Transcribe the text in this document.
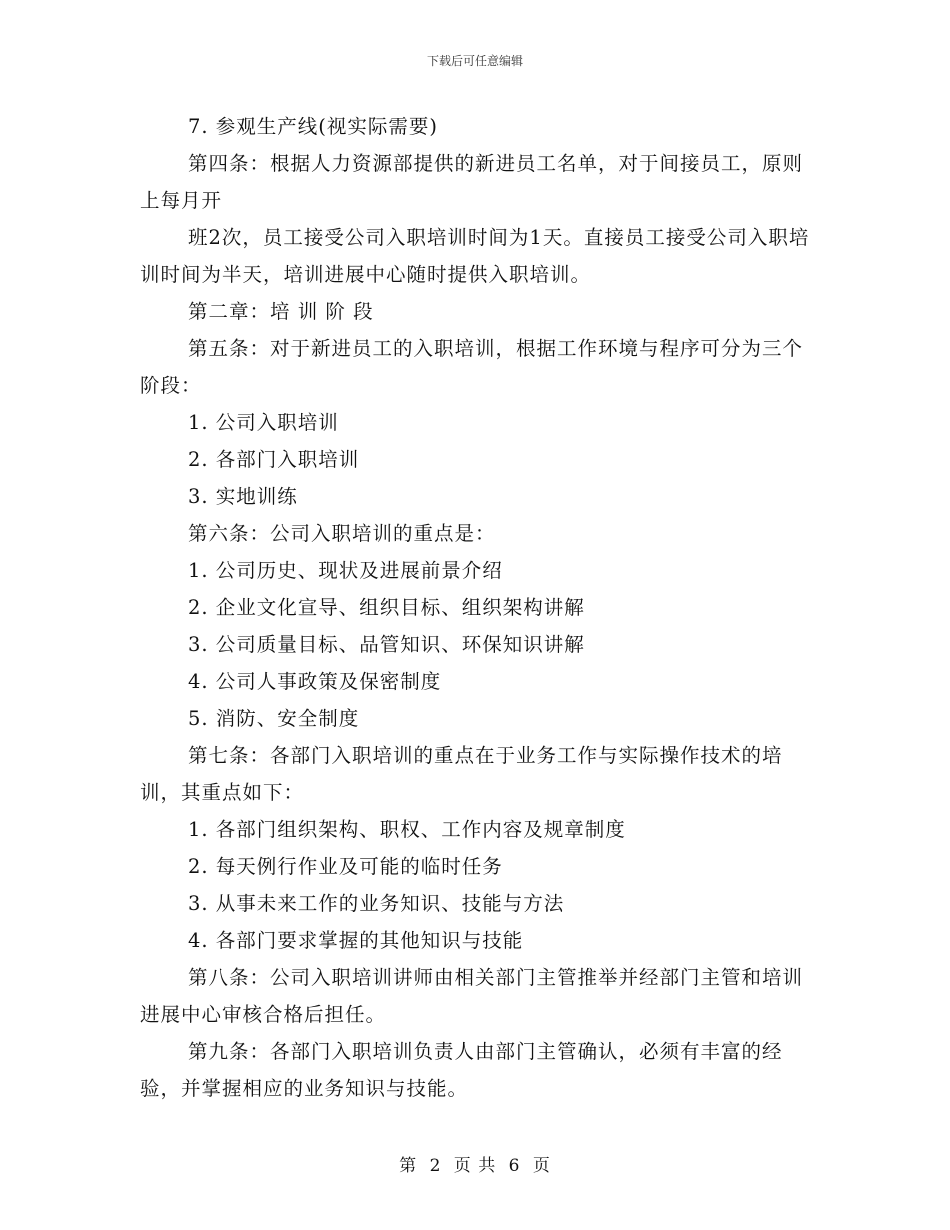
下载后可任意编辑

7. 参观生产线(视实际需要)

第四条：根据人力资源部提供的新进员工名单，对于间接员工，原则上每月开

班2次，员工接受公司入职培训时间为1天。直接员工接受公司入职培训时间为半天，培训进展中心随时提供入职培训。

第二章：培 训 阶 段

第五条：对于新进员工的入职培训，根据工作环境与程序可分为三个阶段：

1. 公司入职培训

2. 各部门入职培训

3. 实地训练

第六条：公司入职培训的重点是：

1. 公司历史、现状及进展前景介绍

2. 企业文化宣导、组织目标、组织架构讲解

3. 公司质量目标、品管知识、环保知识讲解

4. 公司人事政策及保密制度

5. 消防、安全制度

第七条：各部门入职培训的重点在于业务工作与实际操作技术的培训，其重点如下：

1. 各部门组织架构、职权、工作内容及规章制度

2. 每天例行作业及可能的临时任务

3. 从事未来工作的业务知识、技能与方法

4. 各部门要求掌握的其他知识与技能

第八条：公司入职培训讲师由相关部门主管推举并经部门主管和培训进展中心审核合格后担任。

第九条：各部门入职培训负责人由部门主管确认，必须有丰富的经验，并掌握相应的业务知识与技能。

第 2 页 共 6 页
